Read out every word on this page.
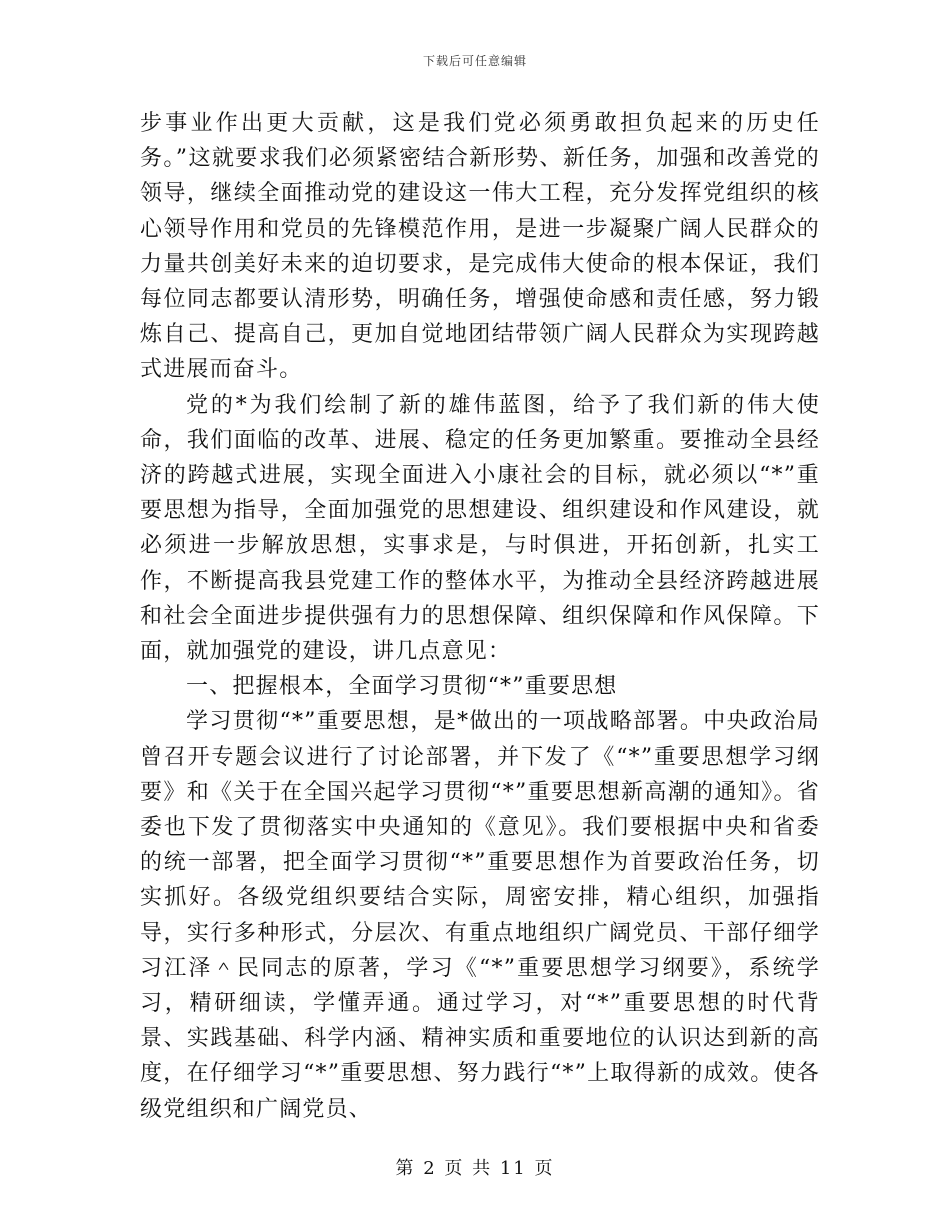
下载后可任意编辑

步事业作出更大贡献，这是我们党必须勇敢担负起来的历史任务。”这就要求我们必须紧密结合新形势、新任务，加强和改善党的领导，继续全面推动党的建设这一伟大工程，充分发挥党组织的核心领导作用和党员的先锋模范作用，是进一步凝聚广阔人民群众的力量共创美好未来的迫切要求，是完成伟大使命的根本保证，我们每位同志都要认清形势，明确任务，增强使命感和责任感，努力锻炼自己、提高自己，更加自觉地团结带领广阔人民群众为实现跨越式进展而奋斗。

党的*为我们绘制了新的雄伟蓝图，给予了我们新的伟大使命，我们面临的改革、进展、稳定的任务更加繁重。要推动全县经济的跨越式进展，实现全面进入小康社会的目标，就必须以“*”重要思想为指导，全面加强党的思想建设、组织建设和作风建设，就必须进一步解放思想，实事求是，与时俱进，开拓创新，扎实工作，不断提高我县党建工作的整体水平，为推动全县经济跨越进展和社会全面进步提供强有力的思想保障、组织保障和作风保障。下面，就加强党的建设，讲几点意见：

一、把握根本，全面学习贯彻“*”重要思想

学习贯彻“*”重要思想，是*做出的一项战略部署。中央政治局曾召开专题会议进行了讨论部署，并下发了《“*”重要思想学习纲要》和《关于在全国兴起学习贯彻“*”重要思想新高潮的通知》。省委也下发了贯彻落实中央通知的《意见》。我们要根据中央和省委的统一部署，把全面学习贯彻“*”重要思想作为首要政治任务，切实抓好。各级党组织要结合实际，周密安排，精心组织，加强指导，实行多种形式，分层次、有重点地组织广阔党员、干部仔细学习江泽＾民同志的原著，学习《“*”重要思想学习纲要》，系统学习，精研细读，学懂弄通。通过学习，对“*”重要思想的时代背景、实践基础、科学内涵、精神实质和重要地位的认识达到新的高度，在仔细学习“*”重要思想、努力践行“*”上取得新的成效。使各级党组织和广阔党员、

第 2 页 共 11 页
